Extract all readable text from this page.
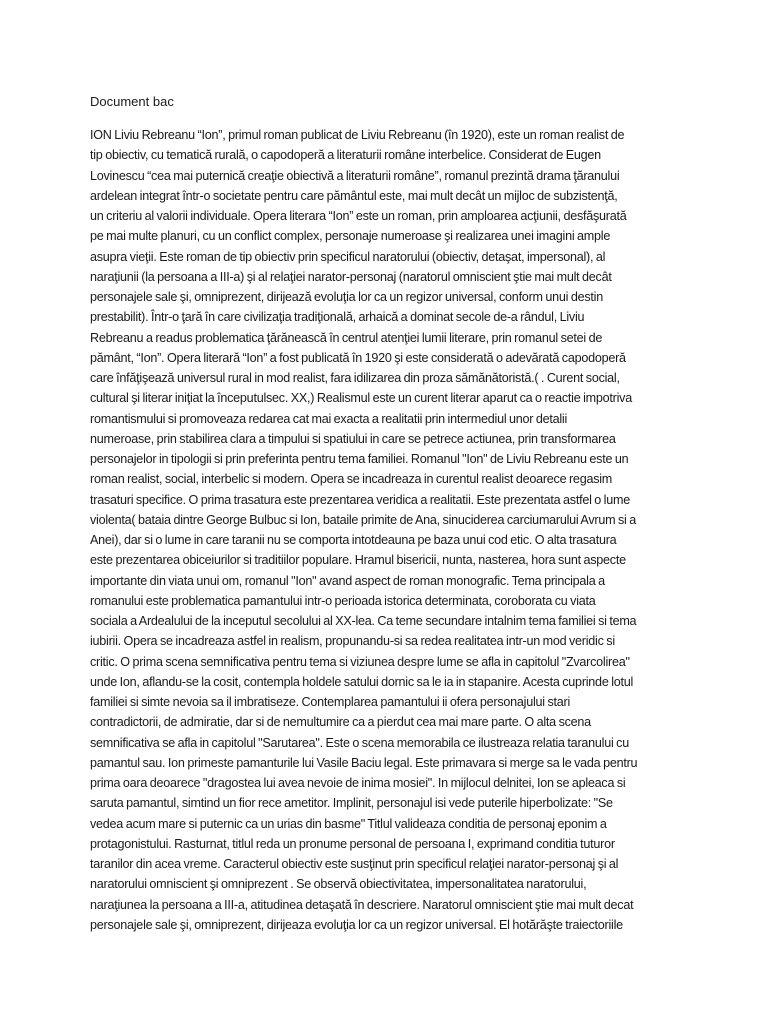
Document bac
ION Liviu Rebreanu “Ion”, primul roman publicat de Liviu Rebreanu (în 1920), este un roman realist de
tip obiectiv, cu tematică rurală, o capodoperă a literaturii române interbelice. Considerat de Eugen
Lovinescu “cea mai puternică creaţie obiectivă a literaturii române”, romanul prezintă drama ţăranului
ardelean integrat într-o societate pentru care pământul este, mai mult decât un mijloc de subzistenţă,
un criteriu al valorii individuale. Opera literara “Ion” este un roman, prin amploarea acţiunii, desfăşurată
pe mai multe planuri, cu un conflict complex, personaje numeroase şi realizarea unei imagini ample
asupra vieţii. Este roman de tip obiectiv prin specificul naratorului (obiectiv, detaşat, impersonal), al
naraţiunii (la persoana a III-a) şi al relaţiei narator-personaj (naratorul omniscient ştie mai mult decât
personajele sale şi, omniprezent, dirijează evoluţia lor ca un regizor universal, conform unui destin
prestabilit). Într-o ţară în care civilizaţia tradiţională, arhaică a dominat secole de-a rândul, Liviu
Rebreanu a readus problematica ţărănească în centrul atenţiei lumii literare, prin romanul setei de
pământ, “Ion”. Opera literară “Ion” a fost publicată în 1920 şi este considerată o adevărată capodoperă
care înfăţişează universul rural in mod realist, fara idilizarea din proza sămănătoristă.( . Curent social,
cultural şi literar iniţiat la începutulsec. XX,) Realismul este un curent literar aparut ca o reactie impotriva
romantismului si promoveaza redarea cat mai exacta a realitatii prin intermediul unor detalii
numeroase, prin stabilirea clara a timpului si spatiului in care se petrece actiunea, prin transformarea
personajelor in tipologii si prin preferinta pentru tema familiei. Romanul "Ion" de Liviu Rebreanu este un
roman realist, social, interbelic si modern. Opera se incadreaza in curentul realist deoarece regasim
trasaturi specifice. O prima trasatura este prezentarea veridica a realitatii. Este prezentata astfel o lume
violenta( bataia dintre George Bulbuc si Ion, bataile primite de Ana, sinuciderea carciumarului Avrum si a
Anei), dar si o lume in care taranii nu se comporta intotdeauna pe baza unui cod etic. O alta trasatura
este prezentarea obiceiurilor si traditiilor populare. Hramul bisericii, nunta, nasterea, hora sunt aspecte
importante din viata unui om, romanul "Ion" avand aspect de roman monografic. Tema principala a
romanului este problematica pamantului intr-o perioada istorica determinata, coroborata cu viata
sociala a Ardealului de la inceputul secolului al XX-lea. Ca teme secundare intalnim tema familiei si tema
iubirii. Opera se incadreaza astfel in realism, propunandu-si sa redea realitatea intr-un mod veridic si
critic. O prima scena semnificativa pentru tema si viziunea despre lume se afla in capitolul "Zvarcolirea"
unde Ion, aflandu-se la cosit, contempla holdele satului dornic sa le ia in stapanire. Acesta cuprinde lotul
familiei si simte nevoia sa il imbratiseze. Contemplarea pamantului ii ofera personajului stari
contradictorii, de admiratie, dar si de nemultumire ca a pierdut cea mai mare parte. O alta scena
semnificativa se afla in capitolul "Sarutarea". Este o scena memorabila ce ilustreaza relatia taranului cu
pamantul sau. Ion primeste pamanturile lui Vasile Baciu legal. Este primavara si merge sa le vada pentru
prima oara deoarece "dragostea lui avea nevoie de inima mosiei". In mijlocul delnitei, Ion se apleaca si
saruta pamantul, simtind un fior rece ametitor. Implinit, personajul isi vede puterile hiperbolizate: "Se
vedea acum mare si puternic ca un urias din basme" Titlul valideaza conditia de personaj eponim a
protagonistului. Rasturnat, titlul reda un pronume personal de persoana I, exprimand conditia tuturor
taranilor din acea vreme. Caracterul obiectiv este susţinut prin specificul relaţiei narator-personaj şi al
naratorului omniscient şi omniprezent . Se observă obiectivitatea, impersonalitatea naratorului,
naraţiunea la persoana a III-a, atitudinea detaşată în descriere. Naratorul omniscient ştie mai mult decat
personajele sale şi, omniprezent, dirijeaza evoluţia lor ca un regizor universal. El hotărăşte traiectoriile
